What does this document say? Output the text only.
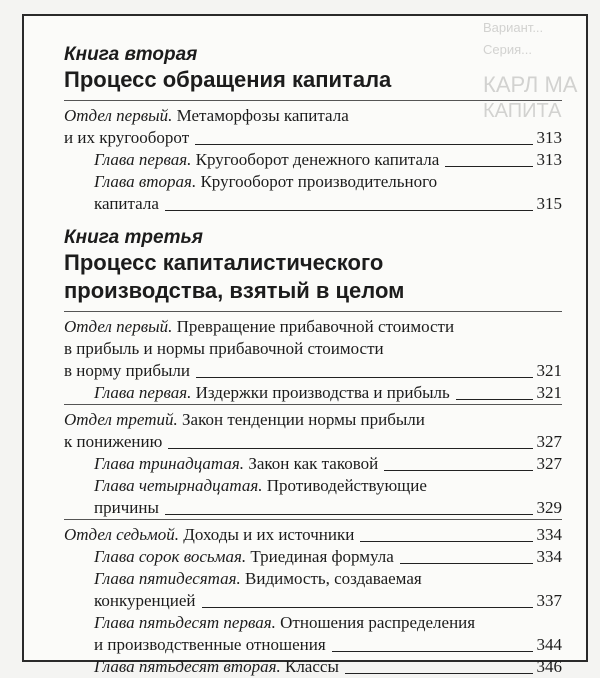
Вариант...
Серия...
КАРЛ МА
КАПИТА
Книга вторая
Процесс обращения капитала
Отдел первый. Метаморфозы капитала
и их кругооборот	313
Глава первая. Кругооборот денежного капитала	313
Глава вторая. Кругооборот производительного
капитала	315
Книга третья
Процесс капиталистического
производства, взятый в целом
Отдел первый. Превращение прибавочной стоимости
в прибыль и нормы прибавочной стоимости
в норму прибыли	321
Глава первая. Издержки производства и прибыль	321
Отдел третий. Закон тенденции нормы прибыли
к понижению	327
Глава тринадцатая. Закон как таковой	327
Глава четырнадцатая. Противодействующие
причины	329
Отдел седьмой. Доходы и их источники	334
Глава сорок восьмая. Триединая формула	334
Глава пятидесятая. Видимость, создаваемая
конкуренцией	337
Глава пятьдесят первая. Отношения распределения
и производственные отношения	344
Глава пятьдесят вторая. Классы	346
